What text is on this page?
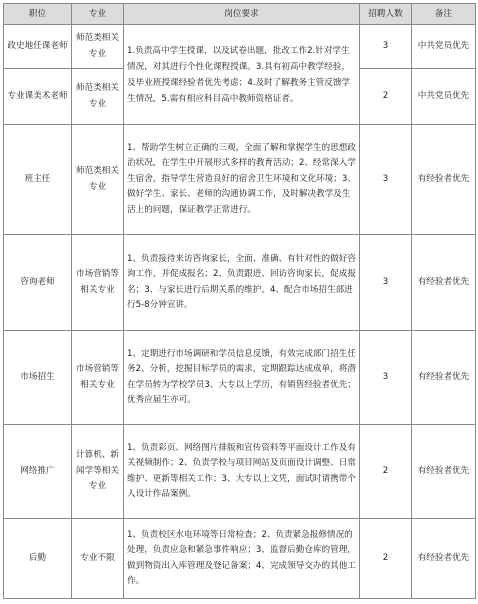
职位	专业	岗位要求	招聘人数	备注
政史地任课老师	师范类相关专业	1.负责高中学生授课，以及试卷出题，批改工作2.针对学生情况，对其进行个性化课程授课。3.具有初高中教学经验，及毕业班授课经验者优先考虑；4.及时了解教务主管反馈学生情况，5.需有相应科目高中教师资格证者。	3	中共党员优先
专业课美术老师	师范类相关专业		2	中共党员优先
班主任	师范类相关专业	1、帮助学生树立正确的三观，全面了解和掌握学生的思想政治状况，在学生中开展形式多样的教育活动；2、经常深入学生宿舍，指导学生营造良好的宿舍卫生环境和文化环境；3、做好学生、家长、老师的沟通协调工作，及时解决教学及生活上的问题，保证教学正常进行。	3	有经验者优先
咨询老师	市场营销等相关专业	1、负责接待来访咨询家长，全面、准确、有针对性的做好咨询工作，并促成报名；2、负责跟进、回访咨询家长，促成报名；3、与家长进行后期关系的维护。4、配合市场招生部进行5-8分钟宣讲。	3	有经验者优先
市场招生	市场营销等相关专业	1、定期进行市场调研和学员信息反馈，有效完成部门招生任务2、分析，挖掘目标学员的需求，定期跟踪达成成单，将潜在学员转为学校学员3、大专以上学历，有销售经验者优先；优秀应届生亦可。	3	有经验者优先
网络推广	计算机、新闻学等相关专业	1、负责彩页、网络图片排版和宣传资料等平面设计工作及有关视频制作；2、负责学校与项目网站及页面设计调整、日常维护、更新等相关工作；3、大专以上文凭，面试时请携带个人设计作品案例。	2	有经验者优先
后勤	专业不限	1、负责校区水电环境等日常检查；2、负责紧急报修情况的处理，负责应急和紧急事件响应；3、监督后勤仓库的管理，做到物资出入库管理及登记备案；4、完成领导交办的其他工作。	2	有经验者优先
